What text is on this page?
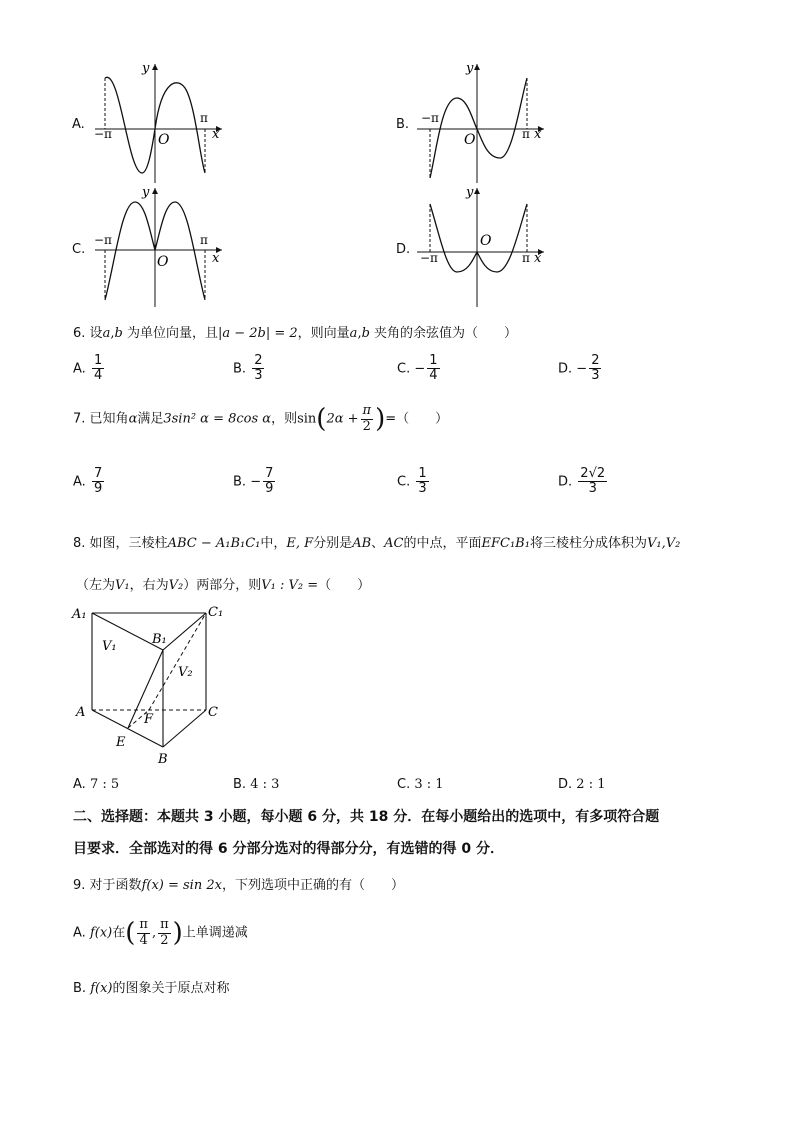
A.
y
x
O
−π
π	B.
y
x
O
−π
π
C.
y
x
O
−π	π
D.
y
x
O
−π	π
6. 设a,b 为单位向量，且|a − 2b| = 2，则向量a,b 夹角的余弦值为（　　）
A. $\frac{1}{4}$	B. $\frac{2}{3}$	C. − $\frac{1}{4}$	D. − $\frac{2}{3}$
7. 已知角α满足3sin² α = 8cos α，则$\sin(2\alpha + \frac{\pi}{2}$ )=（　　）
A. $\frac{7}{9}$	B. − $\frac{7}{9}$	C. $\frac{1}{3}$	D. $\frac{2√2}{3}$
8. 如图，三棱柱ABC − A₁B₁C₁中，E, F分别是AB、AC的中点，平面EFC₁B₁将三棱柱分成体积为V₁,V₂
（左为V₁，右为V₂）两部分，则V₁ : V₂ =（　　）
A₁	C₁
B₁
V₁
V₂
A	C
F
E
B
A. 7 : 5	B. 4 : 3	C. 3 : 1	D. 2 : 1
二、选择题：本题共 3 小题，每小题 6 分，共 18 分．在每小题给出的选项中，有多项符合题
目要求．全部选对的得 6 分部分选对的得部分分，有选错的得 0 分．
9. 对于函数f(x) = sin 2x，下列选项中正确的有（　　）
A. f(x)在( $\frac{\pi}{4}$ , $\frac{\pi}{2}$ )上单调递减
B. f(x)的图象关于原点对称
